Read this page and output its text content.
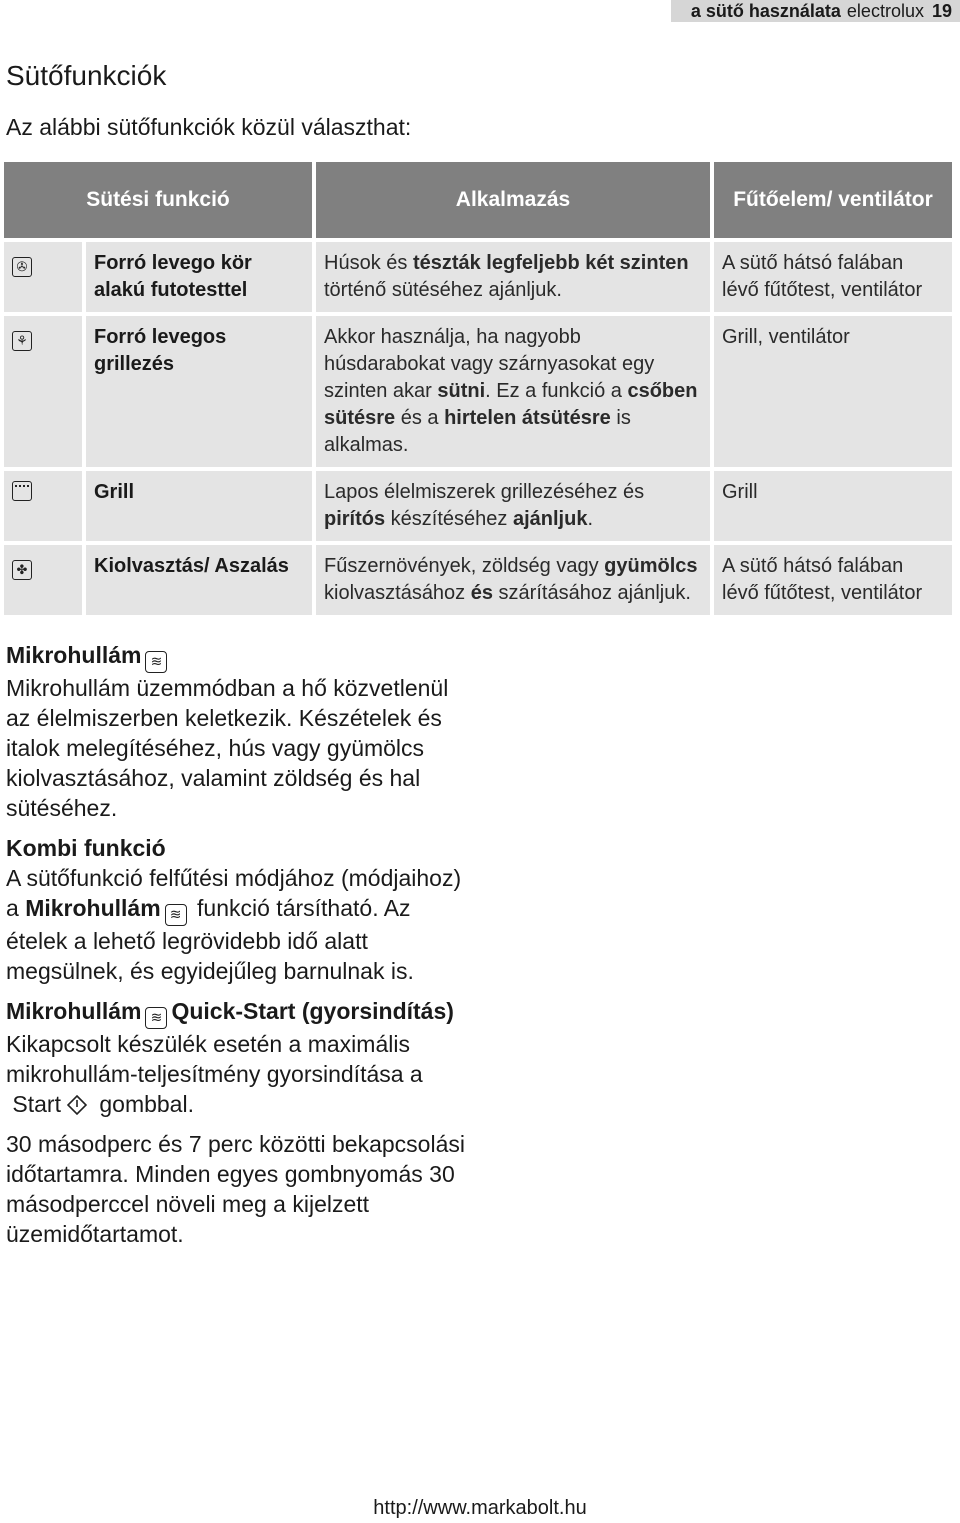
a sütő használata electrolux 19
Sütőfunkciók

Az alábbi sütőfunkciók közül választhat:

Sütési funkció		Alkalmazás	Fűtőelem/ ventilátor
✇	Forró levego kör alakú futotesttel	Húsok és tészták legfeljebb két szinten történő sütéséhez ajánljuk.	A sütő hátsó falában lévő fűtőtest, ventilátor
⚘	Forró levegos grillezés	Akkor használja, ha nagyobb húsdarabokat vagy szárnyasokat egy szinten akar sütni. Ez a funkció a csőben sütésre és a hirtelen átsütésre is alkalmas.	Grill, ventilátor
	Grill	Lapos élelmiszerek grillezéséhez és pirítós készítéséhez ajánljuk.	Grill
✤	Kiolvasztás/ Aszalás	Fűszernövények, zöldség vagy gyümölcs kiolvasztásához és szárításához ajánljuk.	A sütő hátsó falában lévő fűtőtest, ventilátor
Mikrohullám ≋

Mikrohullám üzemmódban a hő közvetlenül az élelmiszerben keletkezik. Készételek és italok melegítéséhez, hús vagy gyümölcs kiolvasztásához, valamint zöldség és hal sütéséhez.

Kombi funkció

A sütőfunkció felfűtési módjához (módjaihoz) a Mikrohullám ≋ funkció társítható. Az ételek a lehető legrövidebb idő alatt megsülnek, és egyidejűleg barnulnak is.

Mikrohullám ≋ Quick-Start (gyorsindítás)

Kikapcsolt készülék esetén a maximális mikrohullám-teljesítmény gyorsindítása a
Start gombbal.

30 másodperc és 7 perc közötti bekapcsolási időtartamra. Minden egyes gombnyomás 30 másodperccel növeli meg a kijelzett üzemidőtartamot.

http://www.markabolt.hu
